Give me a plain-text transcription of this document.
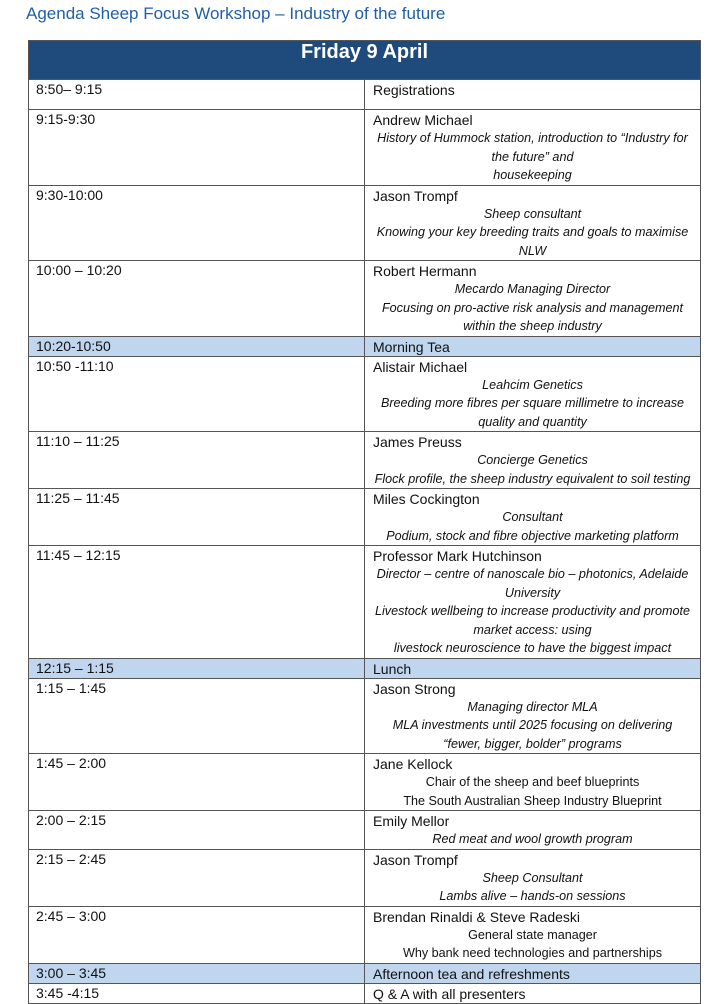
Agenda Sheep Focus Workshop – Industry of the future
Friday 9 April	
8:50– 9:15	Registrations

9:15-9:30	Andrew Michael
History of Hummock station, introduction to “Industry for the future” and
housekeeping

9:30-10:00	Jason Trompf
Sheep consultant
Knowing your key breeding traits and goals to maximise NLW

10:00 – 10:20	Robert Hermann
Mecardo Managing Director
Focusing on pro-active risk analysis and management within the sheep industry

10:20-10:50	Morning Tea

10:50 -11:10	Alistair Michael
Leahcim Genetics
Breeding more fibres per square millimetre to increase quality and quantity

11:10 – 11:25	James Preuss
Concierge Genetics
Flock profile, the sheep industry equivalent to soil testing

11:25 – 11:45	Miles Cockington
Consultant
Podium, stock and fibre objective marketing platform

11:45 – 12:15	Professor Mark Hutchinson
Director – centre of nanoscale bio – photonics, Adelaide University
Livestock wellbeing to increase productivity and promote market access: using
livestock neuroscience to have the biggest impact

12:15 – 1:15	Lunch

1:15 – 1:45	Jason Strong
Managing director MLA
MLA investments until 2025 focusing on delivering “fewer, bigger, bolder” programs

1:45 – 2:00	Jane Kellock
Chair of the sheep and beef blueprints
The South Australian Sheep Industry Blueprint

2:00 – 2:15	Emily Mellor
Red meat and wool growth program

2:15 – 2:45	Jason Trompf
Sheep Consultant
Lambs alive – hands-on sessions

2:45 – 3:00	Brendan Rinaldi & Steve Radeski
General state manager
Why bank need technologies and partnerships

3:00 – 3:45	Afternoon tea and refreshments

3:45 -4:15	Q & A with all presenters
